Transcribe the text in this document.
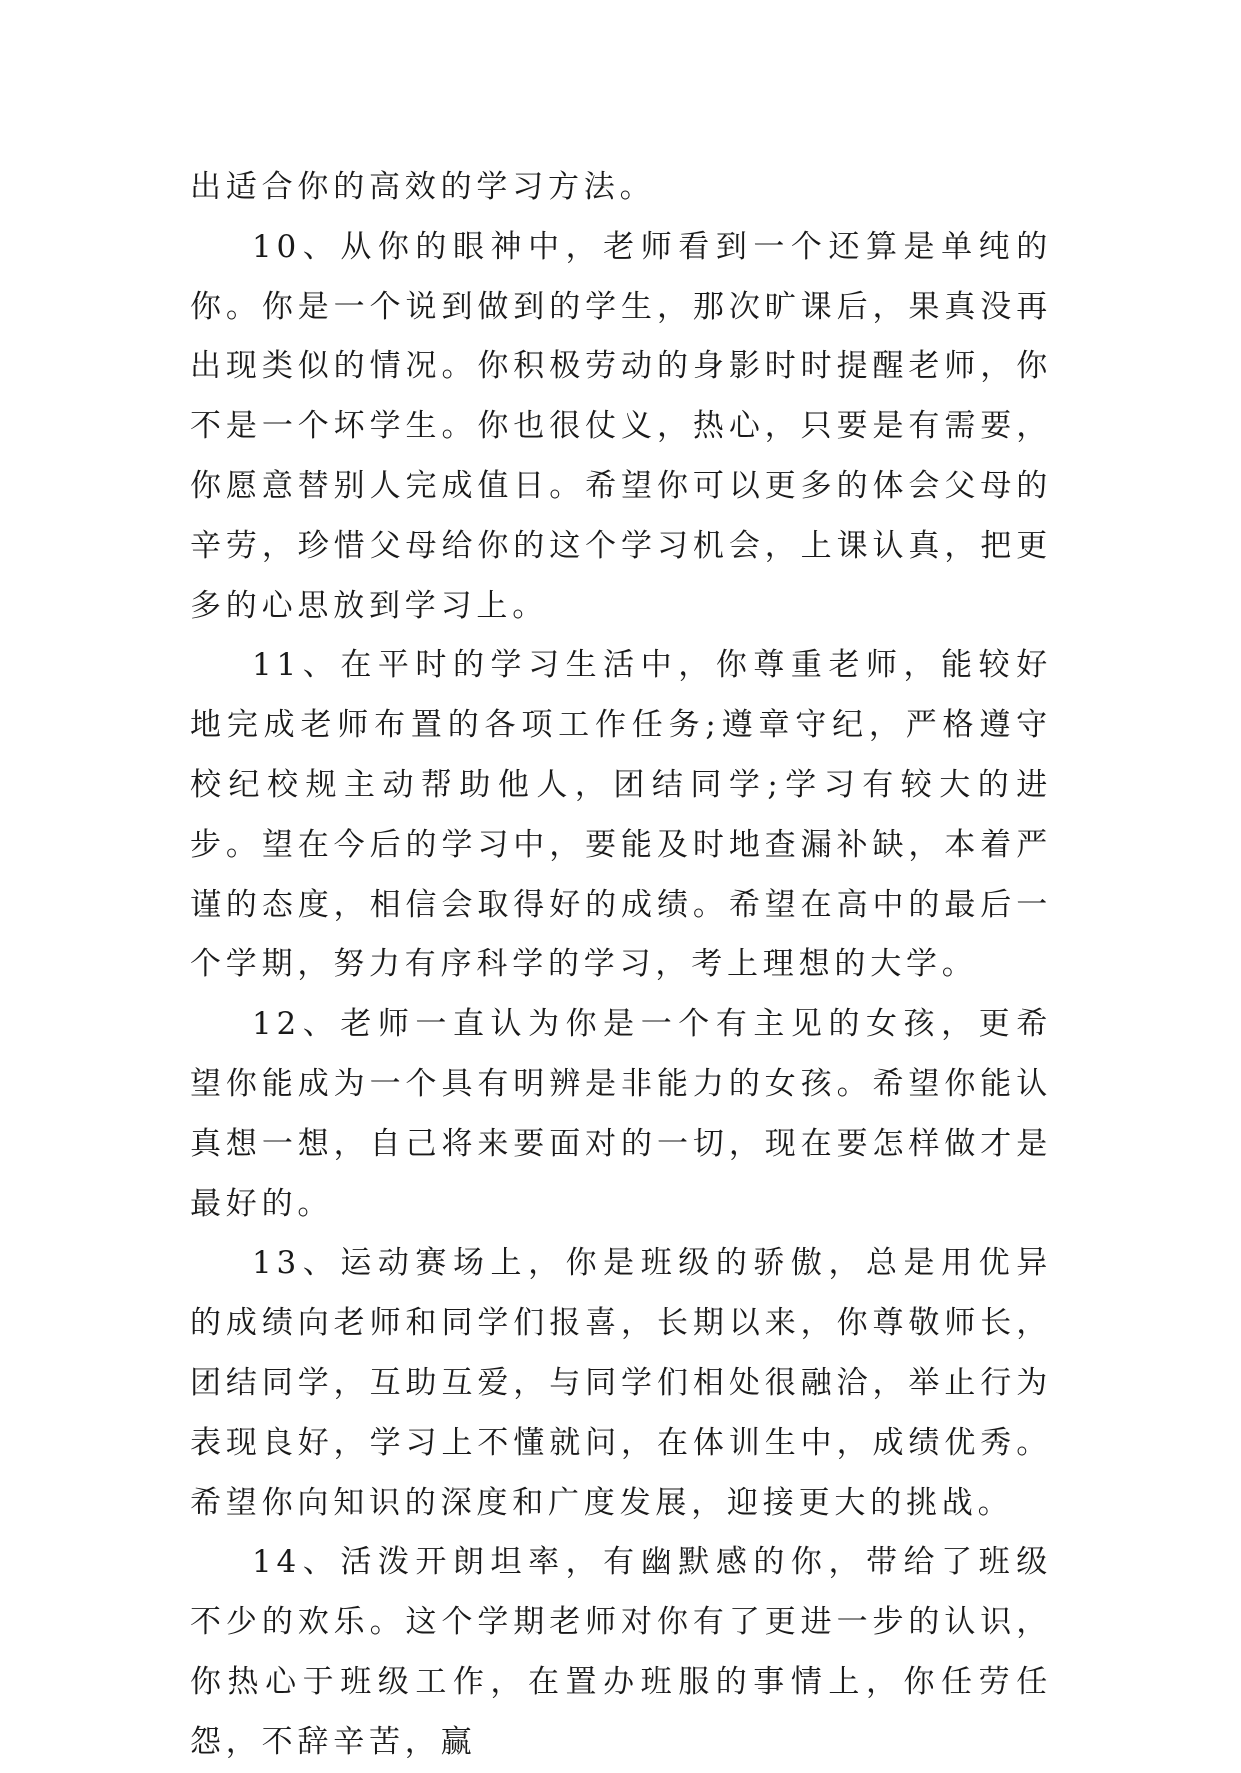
出适合你的高效的学习方法。

10、从你的眼神中，老师看到一个还算是单纯的你。你是一个说到做到的学生，那次旷课后，果真没再出现类似的情况。你积极劳动的身影时时提醒老师，你不是一个坏学生。你也很仗义，热心，只要是有需要，你愿意替别人完成值日。希望你可以更多的体会父母的辛劳，珍惜父母给你的这个学习机会，上课认真，把更多的心思放到学习上。

11、在平时的学习生活中，你尊重老师，能较好地完成老师布置的各项工作任务;遵章守纪，严格遵守校纪校规主动帮助他人，团结同学;学习有较大的进步。望在今后的学习中，要能及时地查漏补缺，本着严谨的态度，相信会取得好的成绩。希望在高中的最后一个学期，努力有序科学的学习，考上理想的大学。

12、老师一直认为你是一个有主见的女孩，更希望你能成为一个具有明辨是非能力的女孩。希望你能认真想一想，自己将来要面对的一切，现在要怎样做才是最好的。

13、运动赛场上，你是班级的骄傲，总是用优异的成绩向老师和同学们报喜，长期以来，你尊敬师长，团结同学，互助互爱，与同学们相处很融洽，举止行为表现良好，学习上不懂就问，在体训生中，成绩优秀。希望你向知识的深度和广度发展，迎接更大的挑战。

14、活泼开朗坦率，有幽默感的你，带给了班级不少的欢乐。这个学期老师对你有了更进一步的认识，你热心于班级工作，在置办班服的事情上，你任劳任怨，不辞辛苦，赢
